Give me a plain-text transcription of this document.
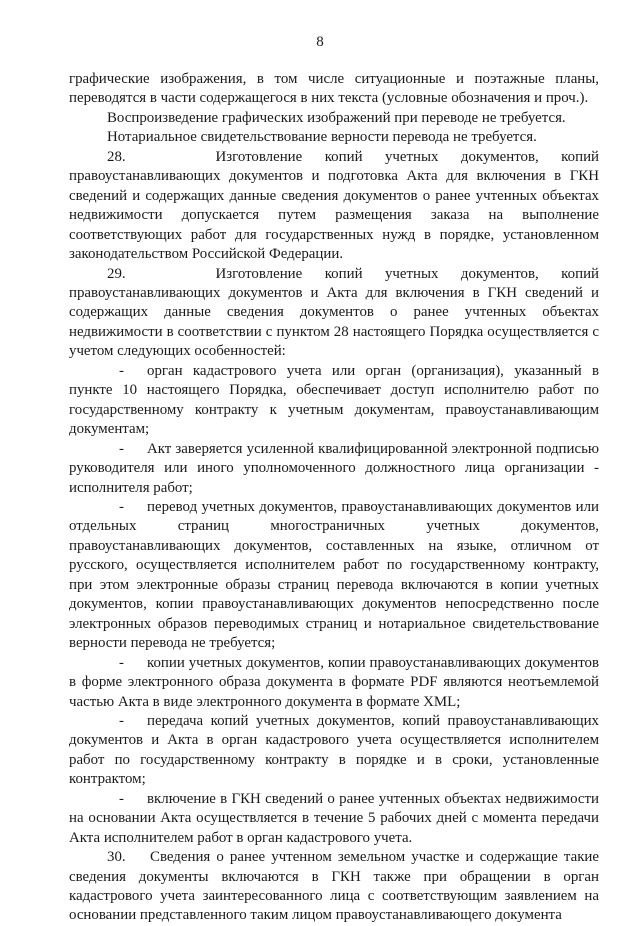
8

графические изображения, в том числе ситуационные и поэтажные планы, переводятся в части содержащегося в них текста (условные обозначения и проч.).

Воспроизведение графических изображений при переводе не требуется.

Нотариальное свидетельствование верности перевода не требуется.

28.	Изготовление копий учетных документов, копий правоустанавливающих документов и подготовка Акта для включения в ГКН сведений и содержащих данные сведения документов о ранее учтенных объектах недвижимости допускается путем размещения заказа на выполнение соответствующих работ для государственных нужд в порядке, установленном законодательством Российской Федерации.

29.	Изготовление копий учетных документов, копий правоустанавливающих документов и Акта для включения в ГКН сведений и содержащих данные сведения документов о ранее учтенных объектах недвижимости в соответствии с пунктом 28 настоящего Порядка осуществляется с учетом следующих особенностей:

- орган кадастрового учета или орган (организация), указанный в пункте 10 настоящего Порядка, обеспечивает доступ исполнителю работ по государственному контракту к учетным документам, правоустанавливающим документам;

- Акт заверяется усиленной квалифицированной электронной подписью руководителя или иного уполномоченного должностного лица организации - исполнителя работ;

- перевод учетных документов, правоустанавливающих документов или отдельных страниц многостраничных учетных документов, правоустанавливающих документов, составленных на языке, отличном от русского, осуществляется исполнителем работ по государственному контракту, при этом электронные образы страниц перевода включаются в копии учетных документов, копии правоустанавливающих документов непосредственно после электронных образов переводимых страниц и нотариальное свидетельствование верности перевода не требуется;

- копии учетных документов, копии правоустанавливающих документов в форме электронного образа документа в формате PDF являются неотъемлемой частью Акта в виде электронного документа в формате XML;

- передача копий учетных документов, копий правоустанавливающих документов и Акта в орган кадастрового учета осуществляется исполнителем работ по государственному контракту в порядке и в сроки, установленные контрактом;

- включение в ГКН сведений о ранее учтенных объектах недвижимости на основании Акта осуществляется в течение 5 рабочих дней с момента передачи Акта исполнителем работ в орган кадастрового учета.

30. Сведения о ранее учтенном земельном участке и содержащие такие сведения документы включаются в ГКН также при обращении в орган кадастрового учета заинтересованного лица с соответствующим заявлением на основании представленного таким лицом правоустанавливающего документа
